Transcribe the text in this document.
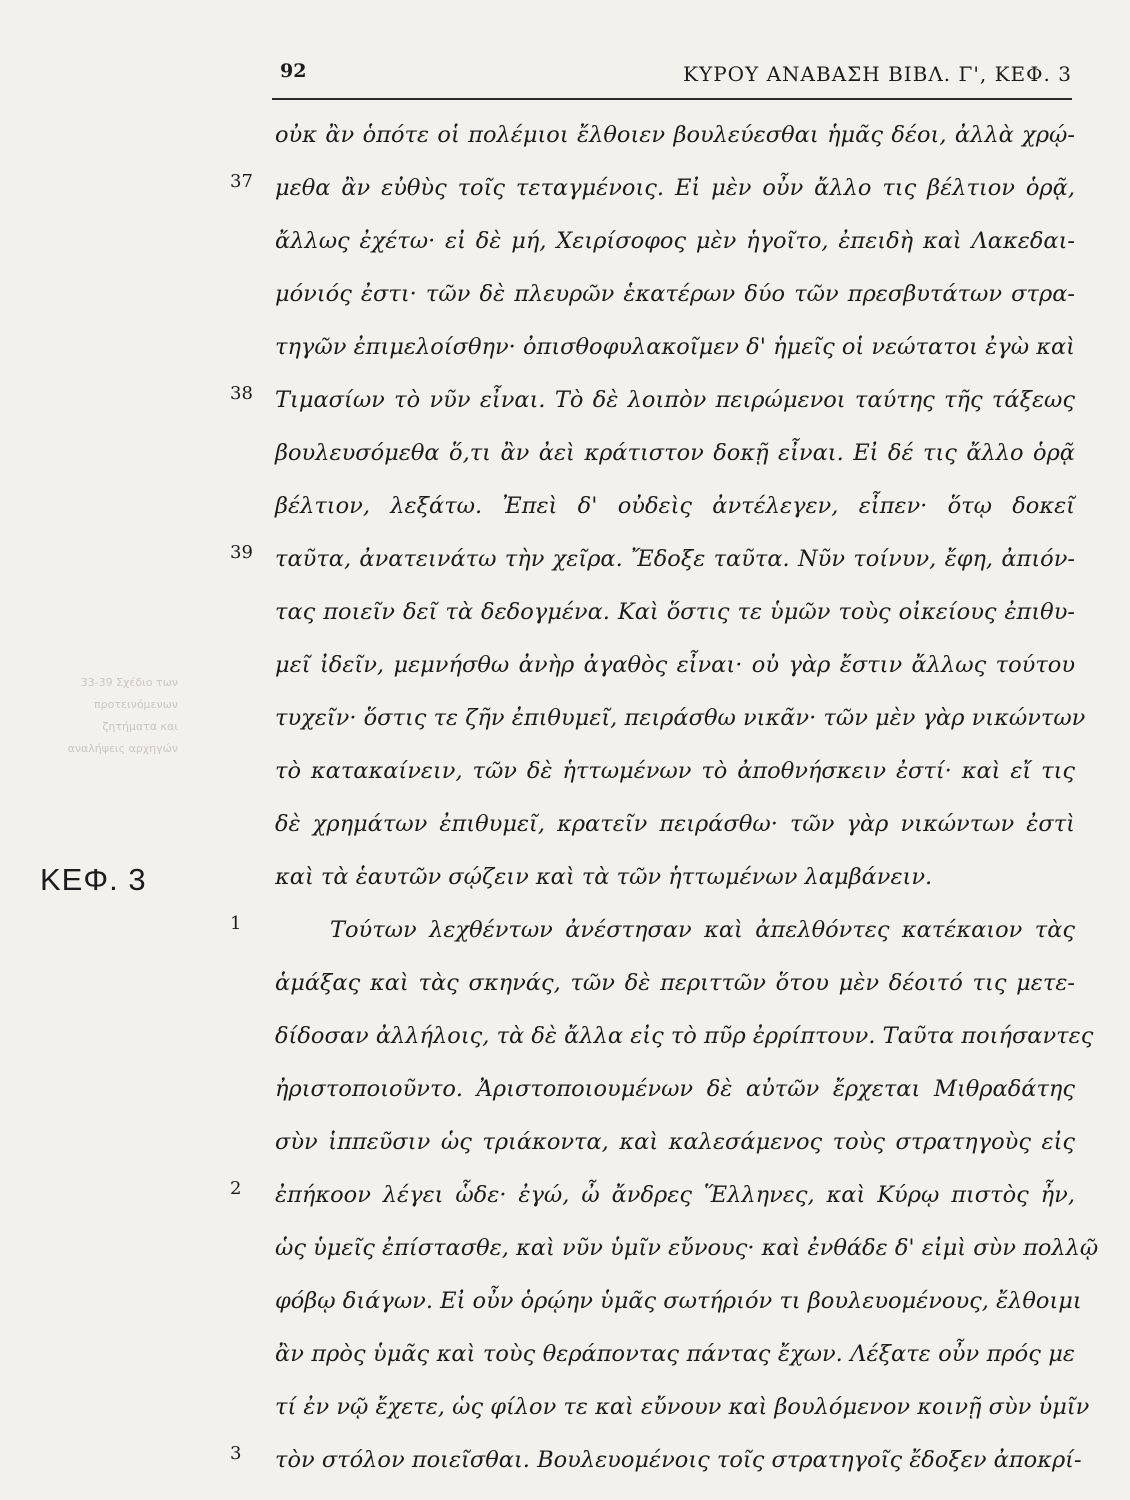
92	ΚΥΡΟΥ ΑΝΑΒΑΣΗ ΒΙΒΛ. Γ', ΚΕΦ. 3
33-39 Σχέδιο των προτεινόμενων ζητήματα και αναλήψεις αρχηγών
ΚΕΦ. 3
οὐκ ἂν ὁπότε οἱ πολέμιοι ἔλθοιεν βουλεύεσθαι ἡμᾶς δέοι, ἀλλὰ χρῴ-
37 μεθα ἂν εὐθὺς τοῖς τεταγμένοις. Εἰ μὲν οὖν ἄλλο τις βέλτιον ὁρᾷ,
ἄλλως ἐχέτω· εἰ δὲ μή, Χειρίσοφος μὲν ἡγοῖτο, ἐπειδὴ καὶ Λακεδαι-
μόνιός ἐστι· τῶν δὲ πλευρῶν ἑκατέρων δύο τῶν πρεσβυτάτων στρα-
τηγῶν ἐπιμελοίσθην· ὀπισθοφυλακοῖμεν δ' ἡμεῖς οἱ νεώτατοι ἐγὼ καὶ
38 Τιμασίων τὸ νῦν εἶναι. Τὸ δὲ λοιπὸν πειρώμενοι ταύτης τῆς τάξεως
βουλευσόμεθα ὅ,τι ἂν ἀεὶ κράτιστον δοκῇ εἶναι. Εἰ δέ τις ἄλλο ὁρᾷ
βέλτιον, λεξάτω. Ἐπεὶ δ' οὐδεὶς ἀντέλεγεν, εἶπεν· ὅτῳ δοκεῖ
39 ταῦτα, ἀνατεινάτω τὴν χεῖρα. Ἔδοξε ταῦτα. Νῦν τοίνυν, ἔφη, ἀπιόν-
τας ποιεῖν δεῖ τὰ δεδογμένα. Καὶ ὅστις τε ὑμῶν τοὺς οἰκείους ἐπιθυ-
μεῖ ἰδεῖν, μεμνήσθω ἀνὴρ ἀγαθὸς εἶναι· οὐ γὰρ ἔστιν ἄλλως τούτου
τυχεῖν· ὅστις τε ζῆν ἐπιθυμεῖ, πειράσθω νικᾶν· τῶν μὲν γὰρ νικώντων
τὸ κατακαίνειν, τῶν δὲ ἡττωμένων τὸ ἀποθνήσκειν ἐστί· καὶ εἴ τις
δὲ χρημάτων ἐπιθυμεῖ, κρατεῖν πειράσθω· τῶν γὰρ νικώντων ἐστὶ
καὶ τὰ ἑαυτῶν σῴζειν καὶ τὰ τῶν ἡττωμένων λαμβάνειν.
1	Τούτων λεχθέντων ἀνέστησαν καὶ ἀπελθόντες κατέκαιον τὰς
ἁμάξας καὶ τὰς σκηνάς, τῶν δὲ περιττῶν ὅτου μὲν δέοιτό τις μετε-
δίδοσαν ἀλλήλοις, τὰ δὲ ἄλλα εἰς τὸ πῦρ ἐρρίπτουν. Ταῦτα ποιήσαντες
ἠριστοποιοῦντο. Ἀριστοποιουμένων δὲ αὐτῶν ἔρχεται Μιθραδάτης
σὺν ἱππεῦσιν ὡς τριάκοντα, καὶ καλεσάμενος τοὺς στρατηγοὺς εἰς
2 ἐπήκοον λέγει ὧδε· ἐγώ, ὦ ἄνδρες Ἕλληνες, καὶ Κύρῳ πιστὸς ἦν,
ὡς ὑμεῖς ἐπίστασθε, καὶ νῦν ὑμῖν εὔνους· καὶ ἐνθάδε δ' εἰμὶ σὺν πολλῷ
φόβῳ διάγων. Εἰ οὖν ὁρῴην ὑμᾶς σωτήριόν τι βουλευομένους, ἔλθοιμι
ἂν πρὸς ὑμᾶς καὶ τοὺς θεράποντας πάντας ἔχων. Λέξατε οὖν πρός με
τί ἐν νῷ ἔχετε, ὡς φίλον τε καὶ εὔνουν καὶ βουλόμενον κοινῇ σὺν ὑμῖν
3 τὸν στόλον ποιεῖσθαι. Βουλευομένοις τοῖς στρατηγοῖς ἔδοξεν ἀποκρί-
